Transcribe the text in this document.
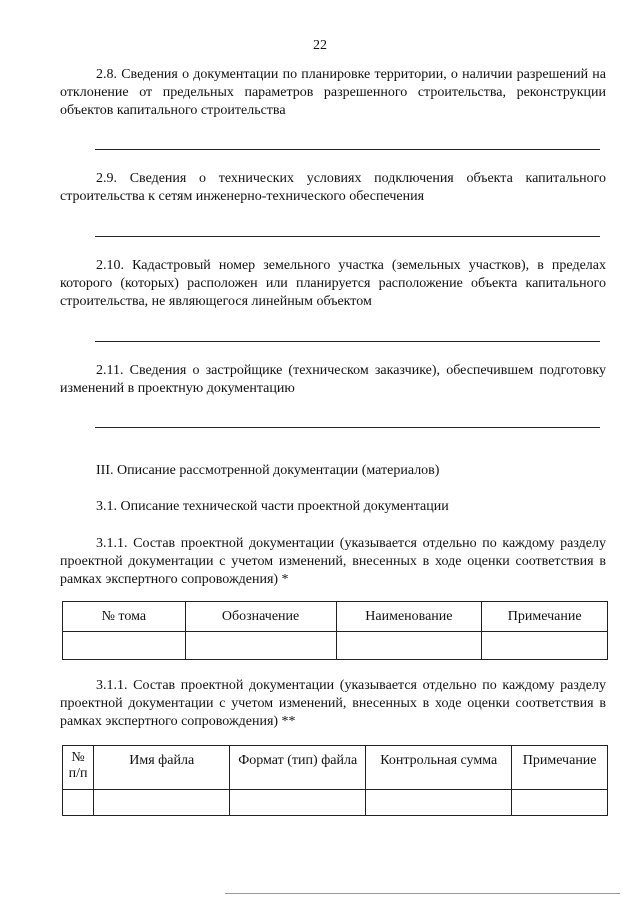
22
2.8. Сведения о документации по планировке территории, о наличии разрешений на отклонение от предельных параметров разрешенного строительства, реконструкции объектов капитального строительства
2.9. Сведения о технических условиях подключения объекта капитального строительства к сетям инженерно-технического обеспечения
2.10. Кадастровый номер земельного участка (земельных участков), в пределах которого (которых) расположен или планируется расположение объекта капитального строительства, не являющегося линейным объектом
2.11. Сведения о застройщике (техническом заказчике), обеспечившем подготовку изменений в проектную документацию
III. Описание рассмотренной документации (материалов)
3.1. Описание технической части проектной документации
3.1.1. Состав проектной документации (указывается отдельно по каждому разделу проектной документации с учетом изменений, внесенных в ходе оценки соответствия в рамках экспертного сопровождения) *
№ тома	Обозначение	Наименование	Примечание

3.1.1. Состав проектной документации (указывается отдельно по каждому разделу проектной документации с учетом изменений, внесенных в ходе оценки соответствия в рамках экспертного сопровождения) **
№ п/п	Имя файла	Формат (тип) файла	Контрольная сумма	Примечание
